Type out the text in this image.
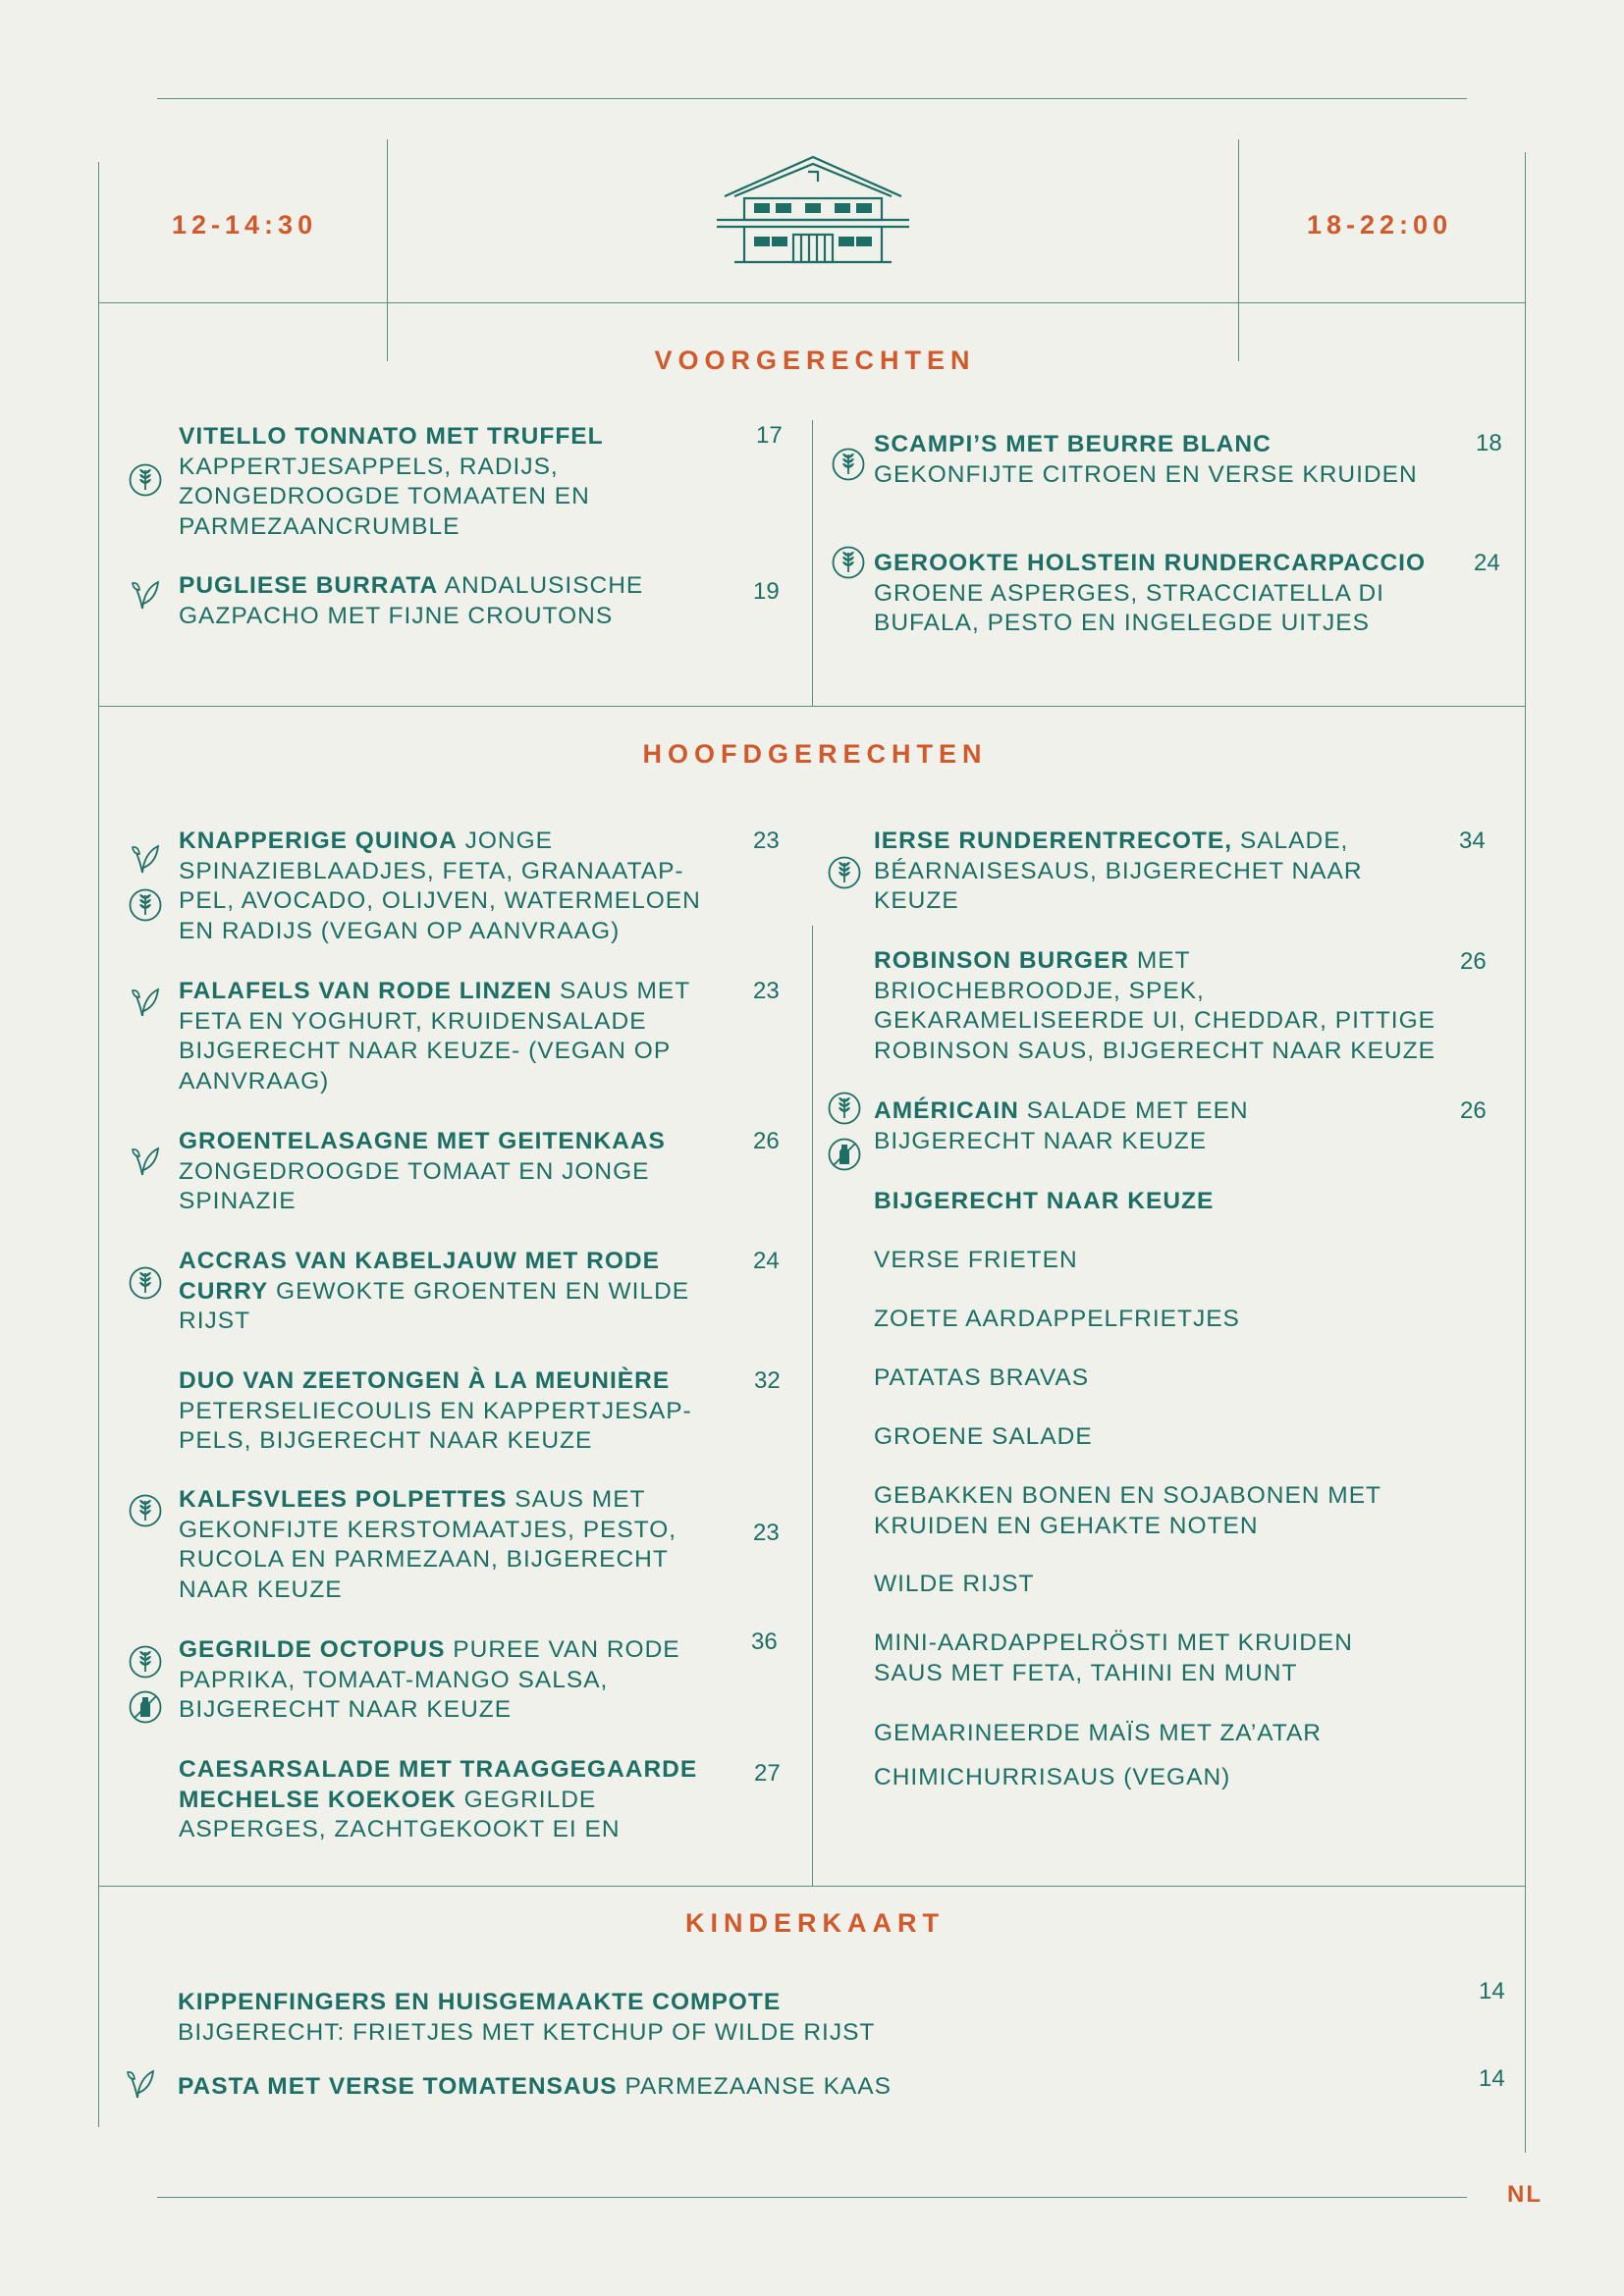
12-14:30	18-22:00
VOORGERECHTEN
VITELLO TONNATO MET TRUFFEL
KAPPERTJESAPPELS, RADIJS, ZONGEDROOGDE TOMAATEN EN PARMEZAANCRUMBLE
17
PUGLIESE BURRATA ANDALUSISCHE GAZPACHO MET FIJNE CROUTONS
19
SCAMPI’S MET BEURRE BLANC
GEKONFIJTE CITROEN EN VERSE KRUIDEN
18
GEROOKTE HOLSTEIN RUNDERCARPACCIO
GROENE ASPERGES, STRACCIATELLA DI BUFALA, PESTO EN INGELEGDE UITJES
24
HOOFDGERECHTEN
KNAPPERIGE QUINOA JONGE SPINAZIEBLAADJES, FETA, GRANAATAP-PEL, AVOCADO, OLIJVEN, WATERMELOEN EN RADIJS (VEGAN OP AANVRAAG)
23
FALAFELS VAN RODE LINZEN SAUS MET FETA EN YOGHURT, KRUIDENSALADE BIJGERECHT NAAR KEUZE- (VEGAN OP AANVRAAG)
23
GROENTELASAGNE MET GEITENKAAS
ZONGEDROOGDE TOMAAT EN JONGE SPINAZIE
26
ACCRAS VAN KABELJAUW MET RODE CURRY GEWOKTE GROENTEN EN WILDE RIJST
24
DUO VAN ZEETONGEN À LA MEUNIÈRE
PETERSELIECOULIS EN KAPPERTJESAP-PELS, BIJGERECHT NAAR KEUZE
32
KALFSVLEES POLPETTES SAUS MET GEKONFIJTE KERSTOMAATJES, PESTO, RUCOLA EN PARMEZAAN, BIJGERECHT NAAR KEUZE
23
GEGRILDE OCTOPUS PUREE VAN RODE PAPRIKA, TOMAAT-MANGO SALSA, BIJGERECHT NAAR KEUZE
36
CAESARSALADE MET TRAAGGEGAARDE MECHELSE KOEKOEK GEGRILDE ASPERGES, ZACHTGEKOOKT EI EN
27
IERSE RUNDERENTRECOTE, SALADE, BÉARNAISESAUS, BIJGERECHET NAAR KEUZE
34
ROBINSON BURGER MET BRIOCHEBROODJE, SPEK, GEKARAMELISEERDE UI, CHEDDAR, PITTIGE ROBINSON SAUS, BIJGERECHT NAAR KEUZE
26
AMÉRICAIN SALADE MET EEN BIJGERECHT NAAR KEUZE
26
BIJGERECHT NAAR KEUZE
VERSE FRIETEN
ZOETE AARDAPPELFRIETJES
PATATAS BRAVAS
GROENE SALADE
GEBAKKEN BONEN EN SOJABONEN MET KRUIDEN EN GEHAKTE NOTEN
WILDE RIJST
MINI-AARDAPPELRÖSTI MET KRUIDEN SAUS MET FETA, TAHINI EN MUNT
GEMARINEERDE MAÏS MET ZA’ATAR
CHIMICHURRISAUS (VEGAN)
KINDERKAART
KIPPENFINGERS EN HUISGEMAAKTE COMPOTE
BIJGERECHT: FRIETJES MET KETCHUP OF WILDE RIJST
14
PASTA MET VERSE TOMATENSAUS PARMEZAANSE KAAS	14
NL
